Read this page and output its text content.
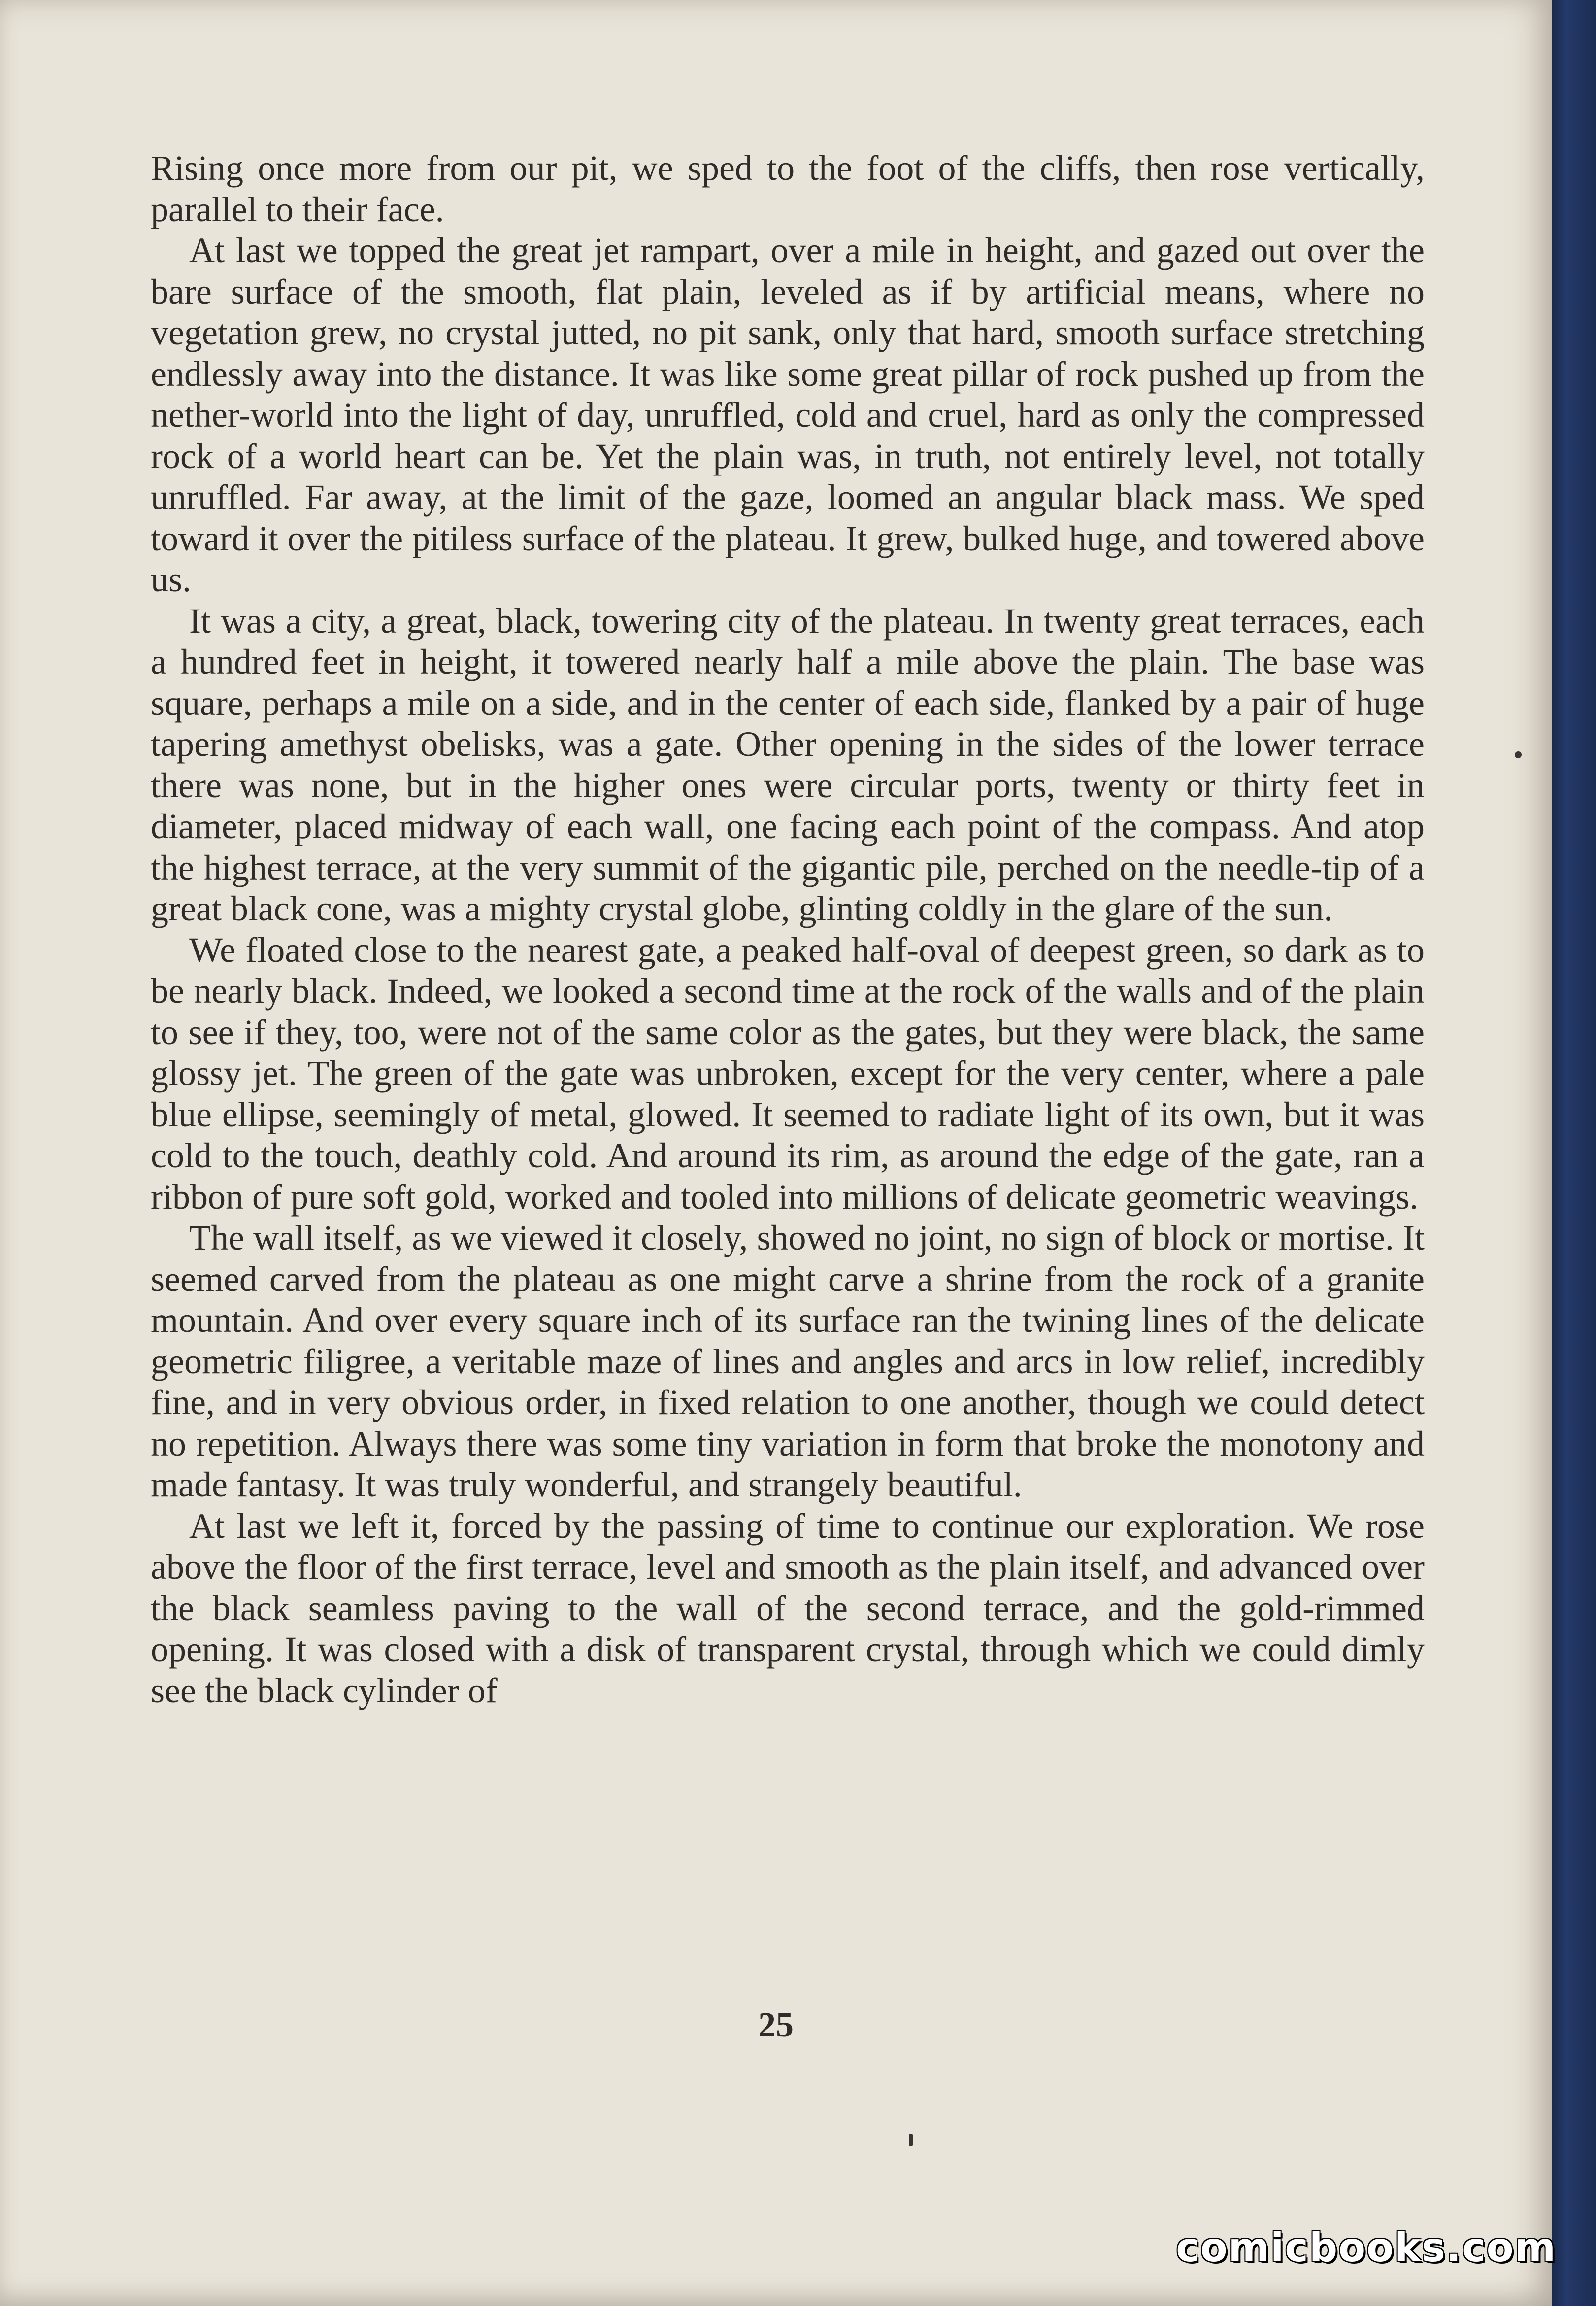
Rising once more from our pit, we sped to the foot of the cliffs, then rose vertically, parallel to their face.

At last we topped the great jet rampart, over a mile in height, and gazed out over the bare surface of the smooth, flat plain, leveled as if by artificial means, where no vegetation grew, no crystal jutted, no pit sank, only that hard, smooth surface stretching endlessly away into the distance. It was like some great pillar of rock pushed up from the nether-world into the light of day, unruffled, cold and cruel, hard as only the compressed rock of a world heart can be. Yet the plain was, in truth, not entirely level, not totally unruffled. Far away, at the limit of the gaze, loomed an angular black mass. We sped toward it over the pitiless surface of the plateau. It grew, bulked huge, and towered above us.

It was a city, a great, black, towering city of the plateau. In twenty great terraces, each a hundred feet in height, it towered nearly half a mile above the plain. The base was square, perhaps a mile on a side, and in the center of each side, flanked by a pair of huge tapering amethyst obelisks, was a gate. Other opening in the sides of the lower terrace there was none, but in the higher ones were circular ports, twenty or thirty feet in diameter, placed midway of each wall, one facing each point of the compass. And atop the highest terrace, at the very summit of the gigantic pile, perched on the needle-tip of a great black cone, was a mighty crystal globe, glinting coldly in the glare of the sun.

We floated close to the nearest gate, a peaked half-oval of deepest green, so dark as to be nearly black. Indeed, we looked a second time at the rock of the walls and of the plain to see if they, too, were not of the same color as the gates, but they were black, the same glossy jet. The green of the gate was unbroken, except for the very center, where a pale blue ellipse, seemingly of metal, glowed. It seemed to radiate light of its own, but it was cold to the touch, deathly cold. And around its rim, as around the edge of the gate, ran a ribbon of pure soft gold, worked and tooled into millions of delicate geometric weavings.

The wall itself, as we viewed it closely, showed no joint, no sign of block or mortise. It seemed carved from the plateau as one might carve a shrine from the rock of a granite mountain. And over every square inch of its surface ran the twining lines of the delicate geometric filigree, a veritable maze of lines and angles and arcs in low relief, incredibly fine, and in very obvious order, in fixed relation to one another, though we could detect no repetition. Always there was some tiny variation in form that broke the monotony and made fantasy. It was truly wonderful, and strangely beautiful.

At last we left it, forced by the passing of time to continue our exploration. We rose above the floor of the first terrace, level and smooth as the plain itself, and advanced over the black seamless paving to the wall of the second terrace, and the gold-rimmed opening. It was closed with a disk of transparent crystal, through which we could dimly see the black cylinder of

25
comicbooks.com
